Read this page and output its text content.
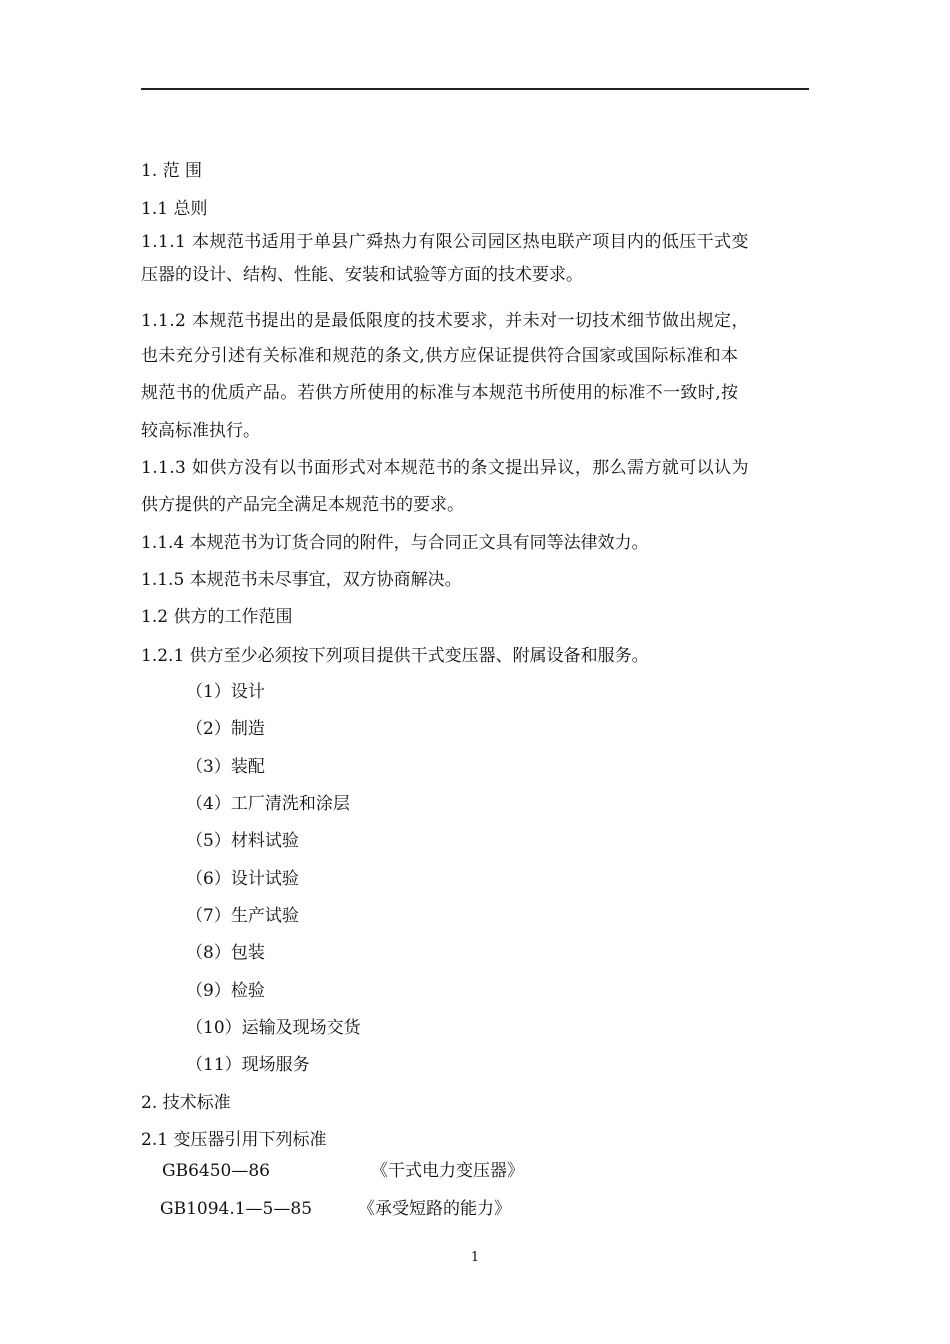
1. 范 围
1.1 总则
1.1.1 本规范书适用于单县广舜热力有限公司园区热电联产项目内的低压干式变
压器的设计、结构、性能、安装和试验等方面的技术要求。
1.1.2 本规范书提出的是最低限度的技术要求，并未对一切技术细节做出规定，
也未充分引述有关标准和规范的条文,供方应保证提供符合国家或国际标准和本
规范书的优质产品。若供方所使用的标准与本规范书所使用的标准不一致时,按
较高标准执行。
1.1.3 如供方没有以书面形式对本规范书的条文提出异议，那么需方就可以认为
供方提供的产品完全满足本规范书的要求。
1.1.4 本规范书为订货合同的附件，与合同正文具有同等法律效力。
1.1.5 本规范书未尽事宜，双方协商解决。
1.2 供方的工作范围
1.2.1 供方至少必须按下列项目提供干式变压器、附属设备和服务。
（1）设计
（2）制造
（3）装配
（4）工厂清洗和涂层
（5）材料试验
（6）设计试验
（7）生产试验
（8）包装
（9）检验
（10）运输及现场交货
（11）现场服务
2. 技术标准
2.1 变压器引用下列标准
GB6450—86	《干式电力变压器》
GB1094.1—5—85	《承受短路的能力》
1
